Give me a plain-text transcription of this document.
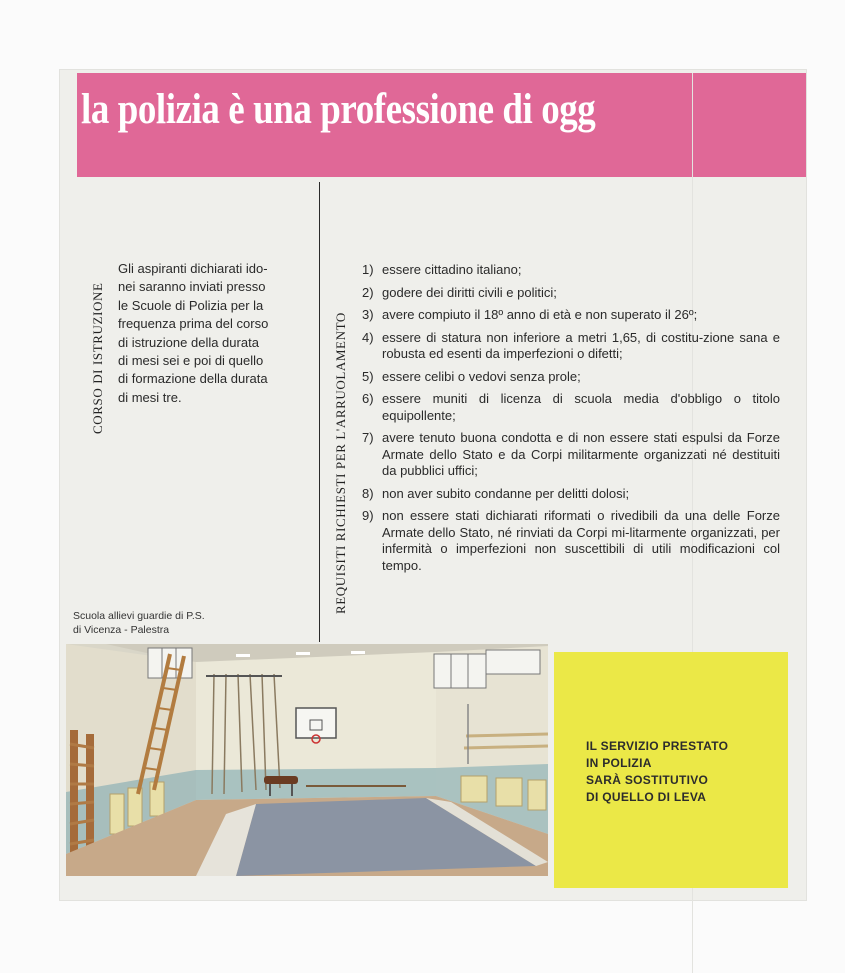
la polizia è una professione di ogg
CORSO DI ISTRUZIONE
Gli aspiranti dichiarati ido-
nei saranno inviati presso
le Scuole di Polizia per la
frequenza prima del corso
di istruzione della durata
di mesi sei e poi di quello
di formazione della durata
di mesi tre.	REQUISITI RICHIESTI PER L'ARRUOLAMENTO
1) essere cittadino italiano;
2) godere dei diritti civili e politici;
3) avere compiuto il 18º anno di età e non superato il 26º;
4) essere di statura non inferiore a metri 1,65, di costitu-zione sana e robusta ed esenti da imperfezioni o difetti;
5) essere celibi o vedovi senza prole;
6) essere muniti di licenza di scuola media d'obbligo o titolo equipollente;
7) avere tenuto buona condotta e di non essere stati espulsi da Forze Armate dello Stato e da Corpi militarmente organizzati né destituiti da pubblici uffici;
8) non aver subito condanne per delitti dolosi;
9) non essere stati dichiarati riformati o rivedibili da una delle Forze Armate dello Stato, né rinviati da Corpi mi-litarmente organizzati, per infermità o imperfezioni non suscettibili di utili modificazioni col tempo.
Scuola allievi guardie di P.S.
di Vicenza - Palestra
IL SERVIZIO PRESTATO
IN POLIZIA
SARÀ SOSTITUTIVO
DI QUELLO DI LEVA
